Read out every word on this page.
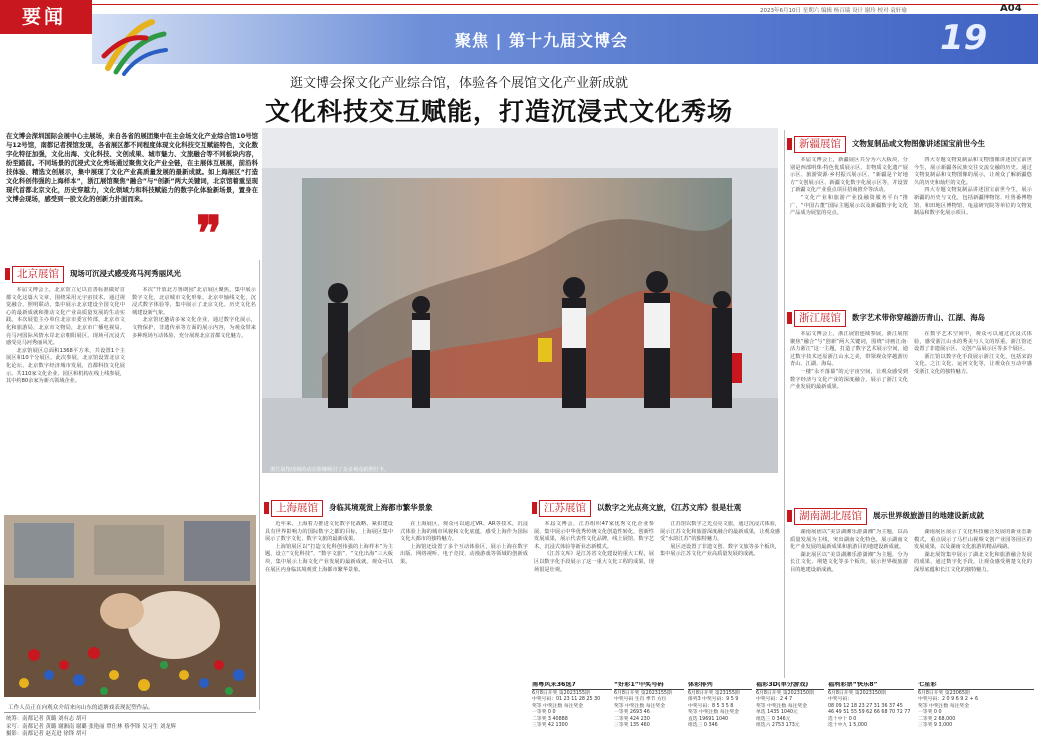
要闻	2023年6月10日 星期六 编辑 杨百瑞 设计 谢玲 校对 袁轩瑜	A04
聚焦 | 第十九届文博会	19
逛文博会探文化产业综合馆，体验各个展馆文化产业新成就
文化科技交互赋能，打造沉浸式文化秀场
在文博会深圳国际会展中心主展场，来自各省的展团集中在主会场文化产业综合馆10号馆与12号馆，南都记者探馆发现，各省展区都不同程度体现文化科技交互赋能特色，文化数字化特征加强，文化出海、文化科技、文创成果、城市魅力、文旅融合等不同板块内容，纷至踏前。不同场景的沉浸式文化秀场通过聚焦文化产业全链，在主展体互展展，前沿科技体验、精选文创展示，集中展现了文化产业高质量发展的最新成就。如上海展区“打造文化科创伟强的上海样本”，浙江展馆聚焦“融合”与“创新”两大关键词，北京馆着重呈现现代首都北京文化，历史穿越力，文化领域力和科技赋能力的数字化体验新场景，置身在文博会现场，感受到一股文化的创新力扑面而来。
❞
北京展馆 现场可沉浸式感受亮马河秀丽风光

本届文博会上，北京馆立足以首善标准做好首都文化这篇大文章，围绕采用元宇宙技术，通过视觉融合，照明联动，集中展示北京建设全国文化中心的最新成就和推动文化产业高质量发展的生动实践。本次展览主办单位北京市委宣传部，北京市文化和旅游局，北京市文物局，北京市广播电视局。亮马河国际风情水岸北京朝阳展区，现场可沉浸式感受亮马河秀丽风光。

北京馆展区总面积1368平方米，共设置1个主展区和10个分展区。此次参展，北京馆设置北京文化论坛、北京数字经济城市发展，首都科技文化展示。共110家文化企业、园区和机构在线上线参展，其中约80余家为新兴领域企业。

本次“开放北方鲁朗园”北京展区聚焦，集中展示数字文化，北京城市文化形象，北京中轴线文化，沉浸式数字体验等，集中展示了北京文化、历史文化名城建设新气象。

北京馆还邀请多家文化企业，通过数字化展示，文物保护，非遗传承等方面的展示内容，为观众带来多种现场互动体验，充分展现北京首都文化魅力。

工作人员正在向观众介绍来向山东的道塘戏表现泥塑作品。
统筹：南都记者 黄璐 刘有志 胡可
采写：南都记者 黄璐 谢湘南 谢璐 张艳丽 覃仕林 蔡李锋 吴习生 刘龙辉
摄影：南都记者 赵克进 徐锋 胡可
浙江展馆现场的动态影像吸引了众多观众拍照打卡。
上海展馆 身临其境观赏上海都市繁华景象

近年来，上海着力推进文化数字化战略，紧扣建设具有世界影响力的国际数字之都的目标，上海展区集中展示了数字文化、数字文旅的最新成果。

上海馆展区以“打造文化科创伟强的上海样本”为主题，设立“文化科技”、“数字文旅”、“文化出海”三大板块，集中展示上海文化产业发展的最新成就。观众可以在展区内身临其境观赏上海都市繁华景象。

在上海展区，观众可以通过VR、AR等技术，沉浸式体验上海的城市风貌和文化底蕴，感受上海作为国际文化大都市的独特魅力。

上海馆还设置了多个互动体验区，展示上海在数字出版、网络视听、电子竞技、动漫游戏等领域的创新成果。

江苏展馆 以数字之光点亮文旅，《江苏文库》很是壮观

本届文博会，江苏组织47家优秀文化企业参展，集中展示中华优秀传统文化创造性转化、创新性发展成果，展示代表性文化品牌，线上展馆，数字艺术，沉浸式体验等新业态新模式。

《江苏文库》是江苏省文化建设的重大工程，展区以数字化手段展示了这一重大文化工程的成果，现场很是壮观。

江苏馆以数字之光点亮文旅，通过沉浸式体验，展示江苏文化和旅游深度融合的最新成果，让观众感受“水韵江苏”的独特魅力。

展区还设置了非遗文创、数字文旅等多个板块，集中展示江苏文化产业高质量发展的成就。

新疆展馆 文物复制品或文物图像讲述国宝前世今生

本届文博会上，新疆展区共分为六大板块，分别是西部明珠·特色优质展示区、非物质文化遗产展示区、旅游资源·乡村振兴展示区、“新疆是个好地方”文创展示区、新疆文化数字化展示区等，并设置了新疆文化产业重点项目招商推介等活动。

“文化产业和旅游产业投融资服务平台”推广，“中国古董”国际主题展示以及新疆数字化文化产品成为展览的亮点。

四大专题文物复制品和文物图像讲述国宝前世今生，展示新疆各民族交往交流交融的历史。通过文物复制品和文物图像的展示，让观众了解新疆悠久的历史和灿烂的文化。

四大专题文物复制品讲述国宝前世今生，展示新疆的历史与文化，包括新疆博物馆、吐鲁番博物馆、和田地区博物馆、龟兹研究院等单位的文物复制品和数字化展示项目。

浙江展馆 数字艺术带你穿越游历青山、江湖、海岛

本届文博会上，浙江展馆连续参展，浙江展馆聚焦“融合”与“创新”两大关键词，围绕“诗画江南·活力浙江”这一主题，打造了数字艺术展示空间，通过数字技术还原浙江山水之美，带领观众穿越游历青山、江湖、海岛。

一楼“永不落幕”的元宇宙空间，让观众感受到数字经济与文化产业的深度融合，展示了浙江文化产业发展的最新成果。

在数字艺术空间中，观众可以通过沉浸式体验，感受浙江山水的秀美与人文的厚重。浙江馆还设置了非遗展示区、文创产品展示区等多个展区。

浙江馆以数字化手段展示浙江文化，包括宋韵文化、之江文化、运河文化等，让观众在互动中感受浙江文化的独特魅力。

湖南湖北展馆 展示世界级旅游目的地建设新成就

湖南展团以“美景湖湘乐游潇湘”为主题，以高质量发展为主线，突出湖南文化特色，展示湖南文化产业发展的最新成果和旅游目的地建设新成就。

湖北展区以“美景湖湘乐游潇湘”为主题，分为长江文化、荆楚文化等多个板块，展示世界级旅游目的地建设新成就。

湖南展区展示了文化科技融合发展的新业态新模式，重点展示了马栏山视频文创产业园等园区的发展成果，以及湖南文化旅游的精品线路。

湖北展馆集中展示了湖北文化和旅游融合发展的成果，通过数字化手段，让观众感受荆楚文化的深厚底蕴和长江文化的独特魅力。

南粤风采36选7
6月8日开奖 第2023155期
中奖号码：01 23 11 28 25 30
奖等 中奖注数 每注奖金
一等奖 0 0
二等奖 3 40888
三等奖 42 1300
“好彩1”中奖号码
6月8日开奖 第2023155期
中奖号码 生肖 季节 方位
奖等 中奖注数 每注奖金
一等奖 2693 46
二等奖 424 230
三等奖 135 460
体彩排列
6月8日开奖 第23155期
排列3 中奖号码：9 5 9
中奖号码：8 5 3 5 8
奖等 中奖注数 每注奖金
直选 19691 1040
组选三 0 346
福彩3D(单分游戏)
6月8日开奖 第2023150期
中奖号码：2 4 7
奖等 中奖注数 每注奖金
单选 1435 1040元
组选三 0 346元
组选六 2753 173元
福利彩票“快乐8”
6月8日开奖 第2023150期
中奖号码：
08 09 12 18 23 27 31 36 37 45
46 49 51 55 59 62 66 68 70 72 77
选十中十 0 0
选十中九 1 5,000
七星彩
6月8日开奖 第23065期
中奖号码：2 0 9 6 9 2 + 6
奖等 中奖注数 每注奖金
一等奖 0 0
二等奖 2 68,000
三等奖 9 3,000
